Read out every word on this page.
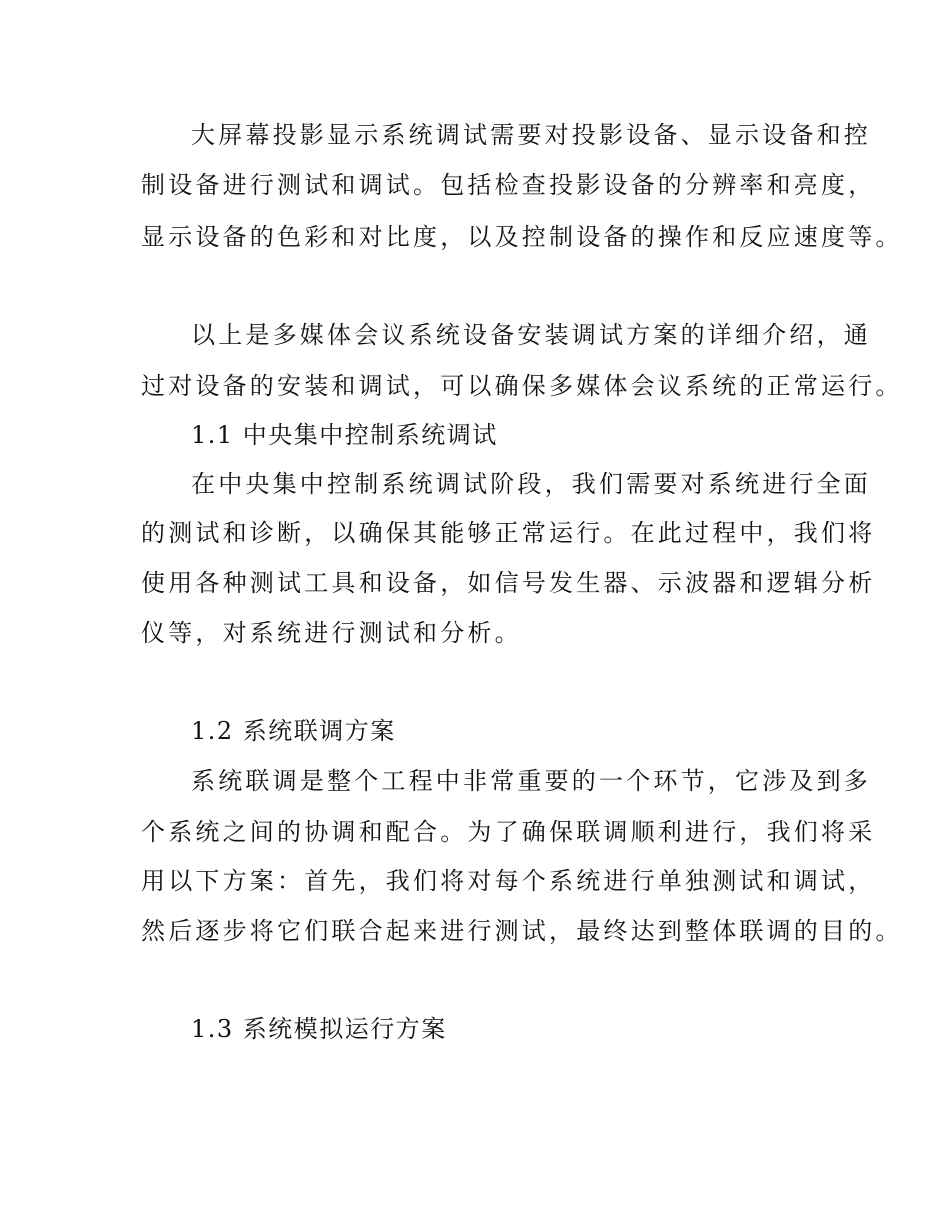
大屏幕投影显示系统调试需要对投影设备、显示设备和控
制设备进行测试和调试。包括检查投影设备的分辨率和亮度，
显示设备的色彩和对比度，以及控制设备的操作和反应速度等。
以上是多媒体会议系统设备安装调试方案的详细介绍，通
过对设备的安装和调试，可以确保多媒体会议系统的正常运行。
1.1 中央集中控制系统调试
在中央集中控制系统调试阶段，我们需要对系统进行全面
的测试和诊断，以确保其能够正常运行。在此过程中，我们将
使用各种测试工具和设备，如信号发生器、示波器和逻辑分析
仪等，对系统进行测试和分析。
1.2 系统联调方案
系统联调是整个工程中非常重要的一个环节，它涉及到多
个系统之间的协调和配合。为了确保联调顺利进行，我们将采
用以下方案：首先，我们将对每个系统进行单独测试和调试，
然后逐步将它们联合起来进行测试，最终达到整体联调的目的。
1.3 系统模拟运行方案
